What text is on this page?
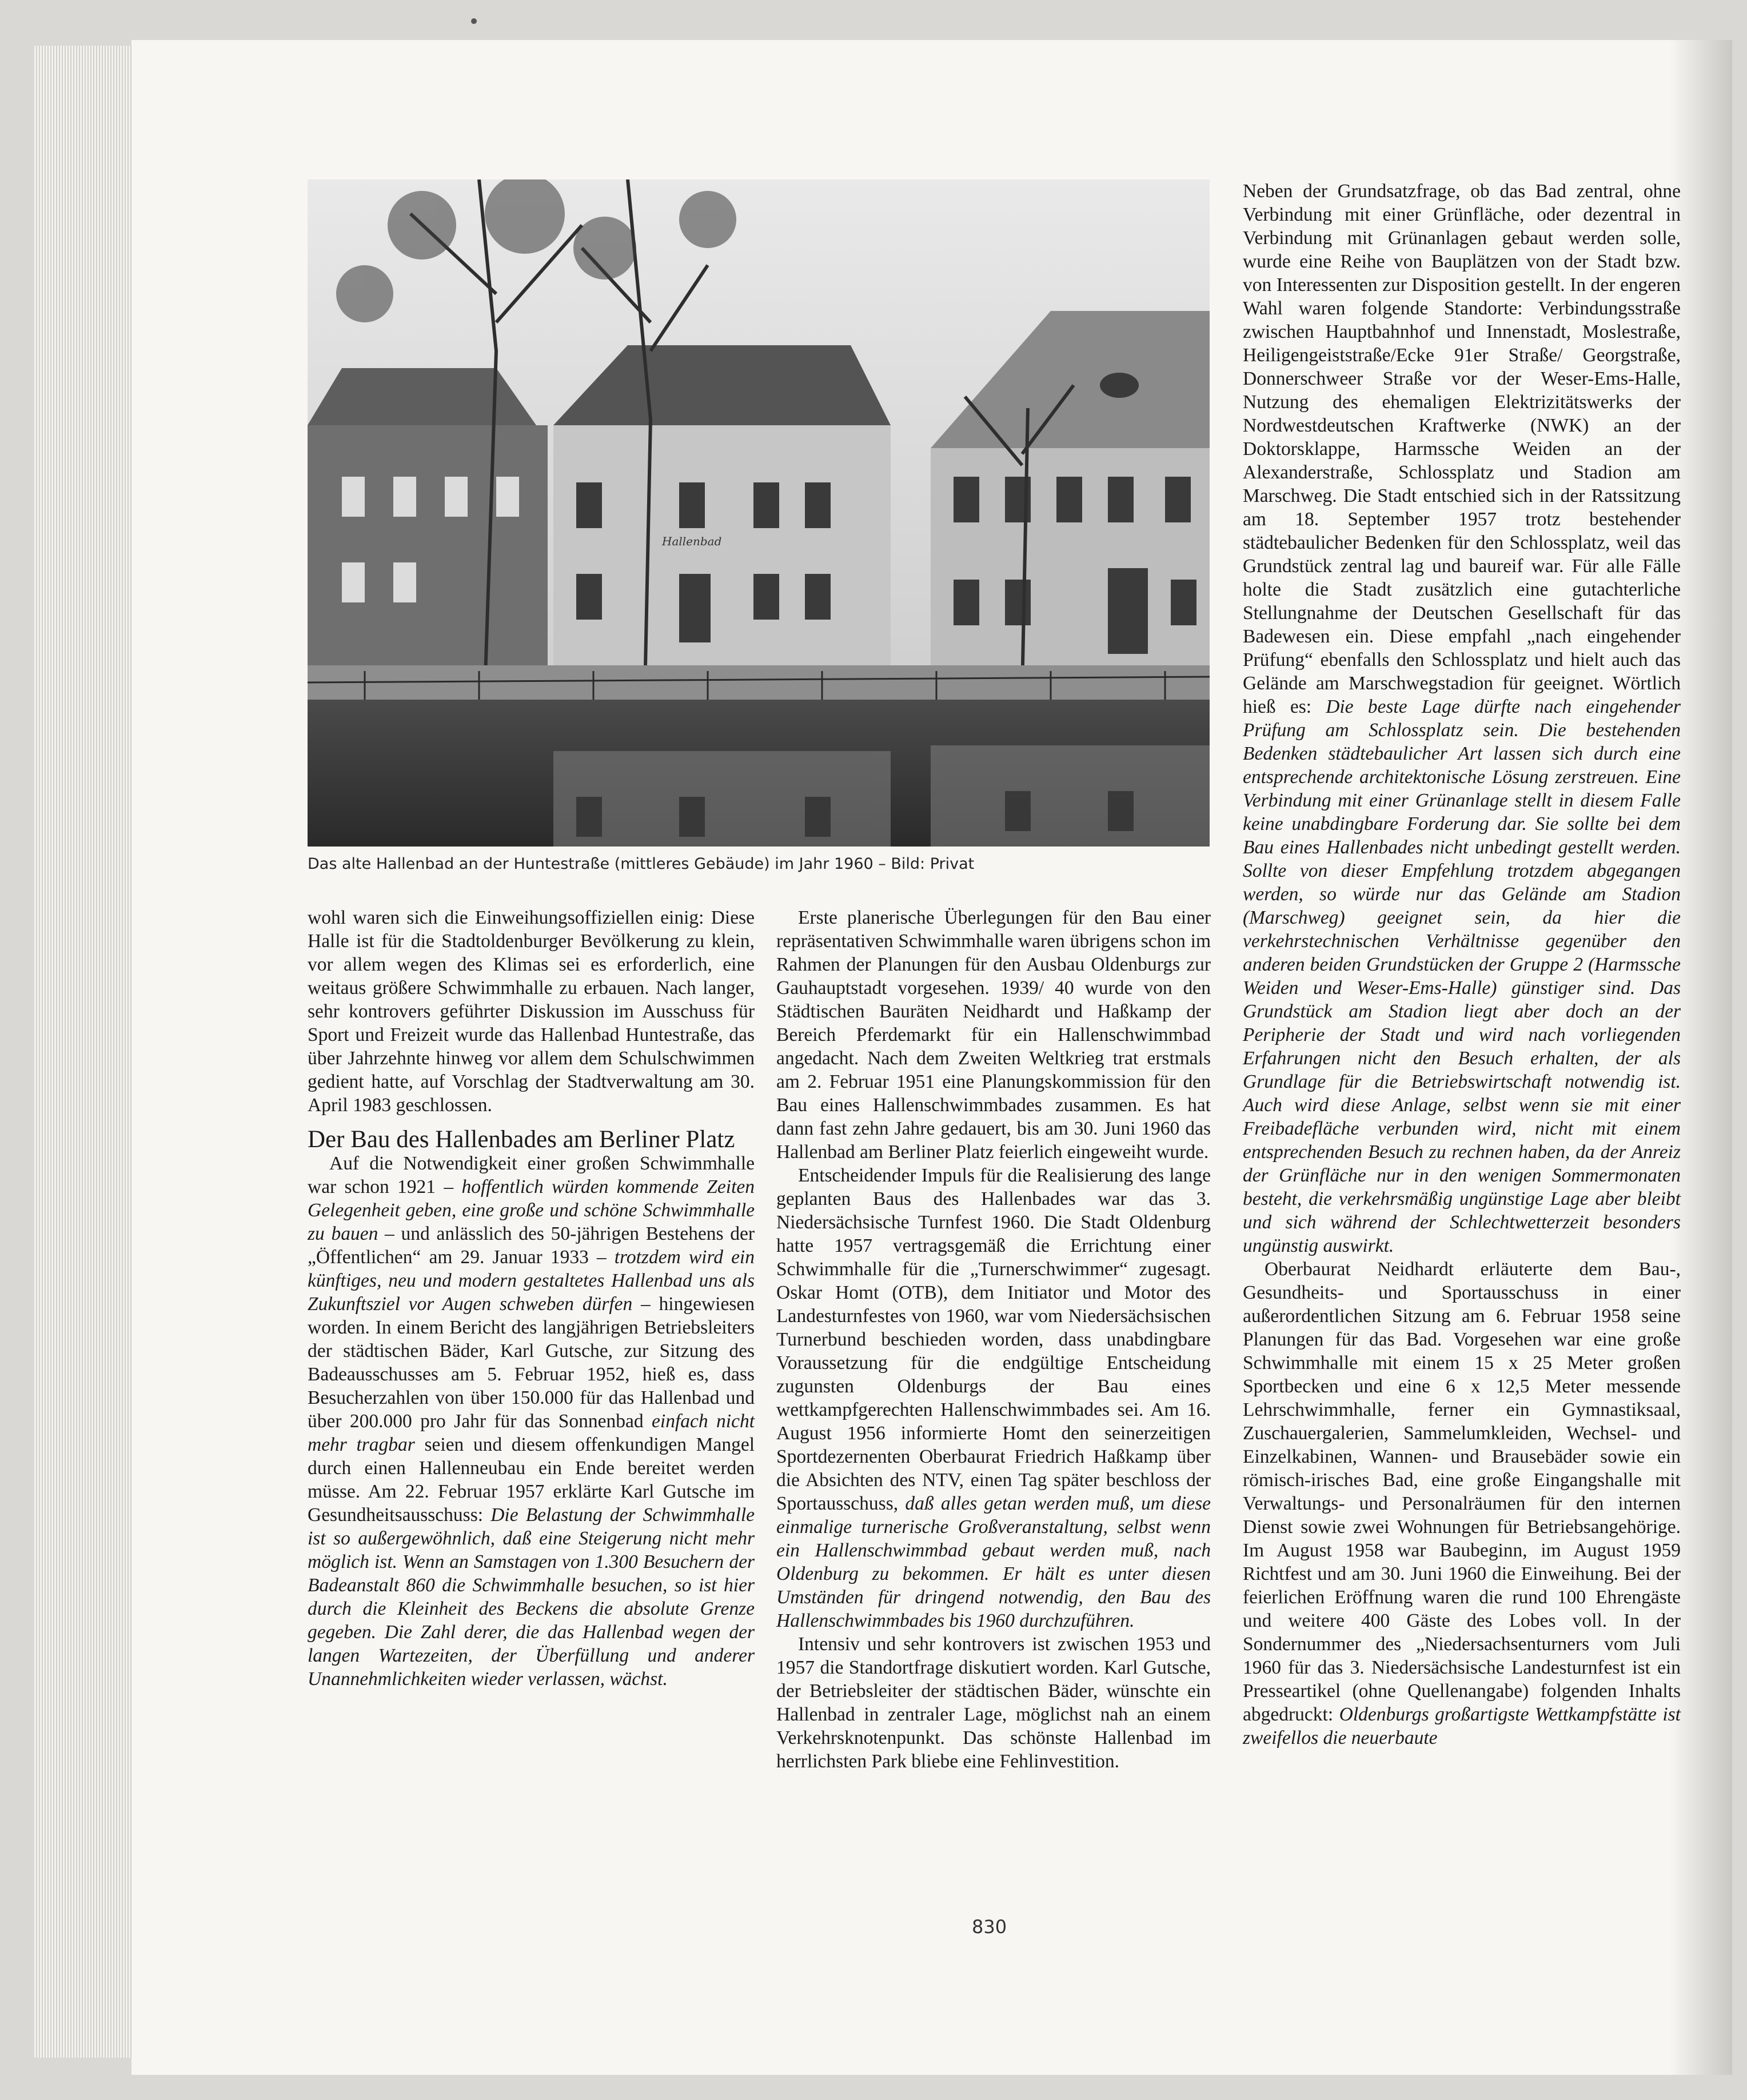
Hallenbad
Das alte Hallenbad an der Huntestraße (mittleres Gebäude) im Jahr 1960 – Bild: Privat

wohl waren sich die Einweihungsoffiziellen einig: Diese Halle ist für die Stadtoldenburger Bevölkerung zu klein, vor allem wegen des Klimas sei es erforderlich, eine weitaus größere Schwimmhalle zu erbauen. Nach langer, sehr kontrovers geführter Diskussion im Ausschuss für Sport und Freizeit wurde das Hallenbad Huntestraße, das über Jahrzehnte hinweg vor allem dem Schulschwimmen gedient hatte, auf Vorschlag der Stadtverwaltung am 30. April 1983 geschlossen.

Der Bau des Hallenbades am Berliner Platz

Auf die Notwendigkeit einer großen Schwimmhalle war schon 1921 – hoffentlich würden kommende Zeiten Gelegenheit geben, eine große und schöne Schwimmhalle zu bauen – und anlässlich des 50-jährigen Bestehens der „Öffentlichen“ am 29. Januar 1933 – trotzdem wird ein künftiges, neu und modern gestaltetes Hallenbad uns als Zukunftsziel vor Augen schweben dürfen – hingewiesen worden. In einem Bericht des langjährigen Betriebsleiters der städtischen Bäder, Karl Gutsche, zur Sitzung des Badeausschusses am 5. Februar 1952, hieß es, dass Besucherzahlen von über 150.000 für das Hallenbad und über 200.000 pro Jahr für das Sonnenbad einfach nicht mehr tragbar seien und diesem offenkundigen Mangel durch einen Hallenneubau ein Ende bereitet werden müsse. Am 22. Februar 1957 erklärte Karl Gutsche im Gesundheitsausschuss: Die Belastung der Schwimmhalle ist so außergewöhnlich, daß eine Steigerung nicht mehr möglich ist. Wenn an Samstagen von 1.300 Besuchern der Badeanstalt 860 die Schwimmhalle besuchen, so ist hier durch die Kleinheit des Beckens die absolute Grenze gegeben. Die Zahl derer, die das Hallenbad wegen der langen Wartezeiten, der Überfüllung und anderer Unannehmlichkeiten wieder verlassen, wächst.

Erste planerische Überlegungen für den Bau einer repräsentativen Schwimmhalle waren übrigens schon im Rahmen der Planungen für den Ausbau Oldenburgs zur Gauhauptstadt vorgesehen. 1939/ 40 wurde von den Städtischen Bauräten Neidhardt und Haßkamp der Bereich Pferdemarkt für ein Hallenschwimmbad angedacht. Nach dem Zweiten Weltkrieg trat erstmals am 2. Februar 1951 eine Planungskommission für den Bau eines Hallenschwimmbades zusammen. Es hat dann fast zehn Jahre gedauert, bis am 30. Juni 1960 das Hallenbad am Berliner Platz feierlich eingeweiht wurde.

Entscheidender Impuls für die Realisierung des lange geplanten Baus des Hallenbades war das 3. Niedersächsische Turnfest 1960. Die Stadt Oldenburg hatte 1957 vertragsgemäß die Errichtung einer Schwimmhalle für die „Turnerschwimmer“ zugesagt. Oskar Homt (OTB), dem Initiator und Motor des Landesturnfestes von 1960, war vom Niedersächsischen Turnerbund beschieden worden, dass unabdingbare Voraussetzung für die endgültige Entscheidung zugunsten Oldenburgs der Bau eines wettkampfgerechten Hallenschwimmbades sei. Am 16. August 1956 informierte Homt den seinerzeitigen Sportdezernenten Oberbaurat Friedrich Haßkamp über die Absichten des NTV, einen Tag später beschloss der Sportausschuss, daß alles getan werden muß, um diese einmalige turnerische Großveranstaltung, selbst wenn ein Hallenschwimmbad gebaut werden muß, nach Oldenburg zu bekommen. Er hält es unter diesen Umständen für dringend notwendig, den Bau des Hallenschwimmbades bis 1960 durchzuführen.

Intensiv und sehr kontrovers ist zwischen 1953 und 1957 die Standortfrage diskutiert worden. Karl Gutsche, der Betriebsleiter der städtischen Bäder, wünschte ein Hallenbad in zentraler Lage, möglichst nah an einem Verkehrsknotenpunkt. Das schönste Hallenbad im herrlichsten Park bliebe eine Fehlinvestition.

Neben der Grundsatzfrage, ob das Bad zentral, ohne Verbindung mit einer Grünfläche, oder dezentral in Verbindung mit Grünanlagen gebaut werden solle, wurde eine Reihe von Bauplätzen von der Stadt bzw. von Interessenten zur Disposition gestellt. In der engeren Wahl waren folgende Standorte: Verbindungsstraße zwischen Hauptbahnhof und Innenstadt, Moslestraße, Heiligengeiststraße/Ecke 91er Straße/ Georgstraße, Donnerschweer Straße vor der Weser-Ems-Halle, Nutzung des ehemaligen Elektrizitätswerks der Nordwestdeutschen Kraftwerke (NWK) an der Doktorsklappe, Harmssche Weiden an der Alexanderstraße, Schlossplatz und Stadion am Marschweg. Die Stadt entschied sich in der Ratssitzung am 18. September 1957 trotz bestehender städtebaulicher Bedenken für den Schlossplatz, weil das Grundstück zentral lag und baureif war. Für alle Fälle holte die Stadt zusätzlich eine gutachterliche Stellungnahme der Deutschen Gesellschaft für das Badewesen ein. Diese empfahl „nach eingehender Prüfung“ ebenfalls den Schlossplatz und hielt auch das Gelände am Marschwegstadion für geeignet. Wörtlich hieß es: Die beste Lage dürfte nach eingehender Prüfung am Schlossplatz sein. Die bestehenden Bedenken städtebaulicher Art lassen sich durch eine entsprechende architektonische Lösung zerstreuen. Eine Verbindung mit einer Grünanlage stellt in diesem Falle keine unabdingbare Forderung dar. Sie sollte bei dem Bau eines Hallenbades nicht unbedingt gestellt werden. Sollte von dieser Empfehlung trotzdem abgegangen werden, so würde nur das Gelände am Stadion (Marschweg) geeignet sein, da hier die verkehrstechnischen Verhältnisse gegenüber den anderen beiden Grundstücken der Gruppe 2 (Harmssche Weiden und Weser-Ems-Halle) günstiger sind. Das Grundstück am Stadion liegt aber doch an der Peripherie der Stadt und wird nach vorliegenden Erfahrungen nicht den Besuch erhalten, der als Grundlage für die Betriebswirtschaft notwendig ist. Auch wird diese Anlage, selbst wenn sie mit einer Freibadefläche verbunden wird, nicht mit einem entsprechenden Besuch zu rechnen haben, da der Anreiz der Grünfläche nur in den wenigen Sommermonaten besteht, die verkehrsmäßig ungünstige Lage aber bleibt und sich während der Schlechtwetterzeit besonders ungünstig auswirkt.

Oberbaurat Neidhardt erläuterte dem Bau-, Gesundheits- und Sportausschuss in einer außerordentlichen Sitzung am 6. Februar 1958 seine Planungen für das Bad. Vorgesehen war eine große Schwimmhalle mit einem 15 x 25 Meter großen Sportbecken und eine 6 x 12,5 Meter messende Lehrschwimmhalle, ferner ein Gymnastiksaal, Zuschauergalerien, Sammelumkleiden, Wechsel- und Einzelkabinen, Wannen- und Brausebäder sowie ein römisch-irisches Bad, eine große Eingangshalle mit Verwaltungs- und Personalräumen für den internen Dienst sowie zwei Wohnungen für Betriebsangehörige. Im August 1958 war Baubeginn, im August 1959 Richtfest und am 30. Juni 1960 die Einweihung. Bei der feierlichen Eröffnung waren die rund 100 Ehrengäste und weitere 400 Gäste des Lobes voll. In der Sondernummer des „Niedersachsenturners vom Juli 1960 für das 3. Niedersächsische Landesturnfest ist ein Presseartikel (ohne Quellenangabe) folgenden Inhalts abgedruckt: Oldenburgs großartigste Wettkampfstätte ist zweifellos die neuerbaute

830
